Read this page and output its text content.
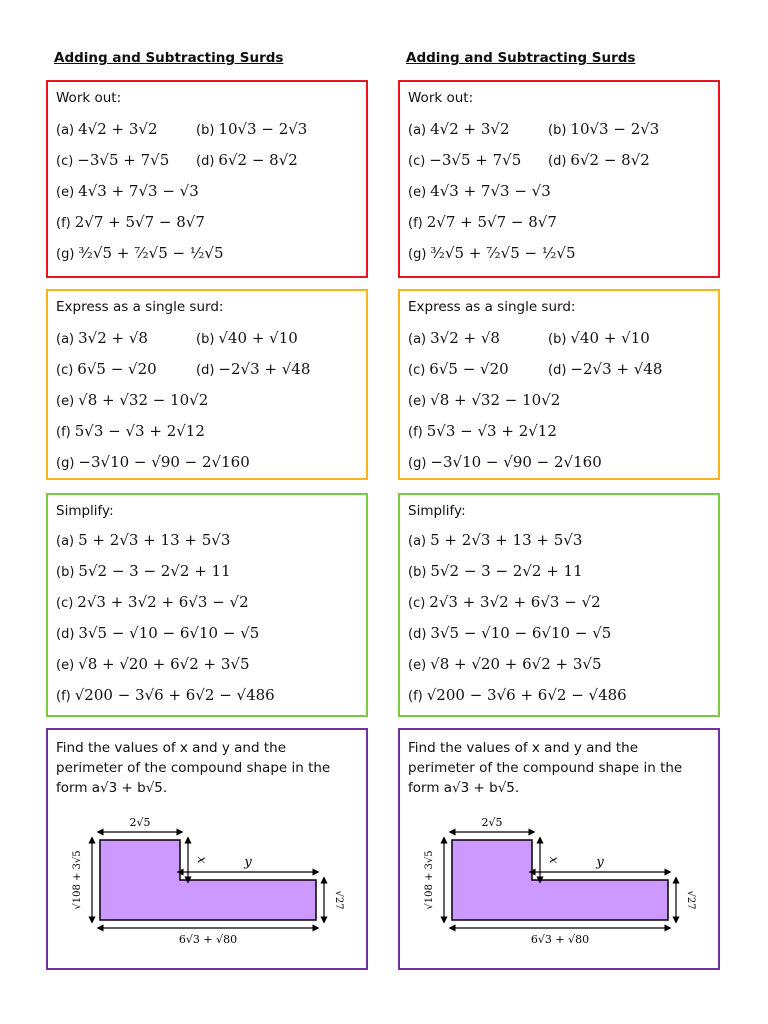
Adding and Subtracting Surds
Work out:
(a) 4√2 + 3√2	(b) 10√3 − 2√3
(c) −3√5 + 7√5 (d) 6√2 − 8√2
(e) 4√3 + 7√3 − √3
(f) 2√7 + 5√7 − 8√7
(g) ³⁄₂√5 + ⁷⁄₂√5 − ½√5
Express as a single surd:
(a) 3√2 + √8	(b) √40 + √10
(c) 6√5 − √20	(d) −2√3 + √48
(e) √8 + √32 − 10√2
(f) 5√3 − √3 + 2√12
(g) −3√10 − √90 − 2√160
Simplify:
(a) 5 + 2√3 + 13 + 5√3
(b) 5√2 − 3 − 2√2 + 11
(c) 2√3 + 3√2 + 6√3 − √2
(d) 3√5 − √10 − 6√10 − √5
(e) √8 + √20 + 6√2 + 3√5
(f) √200 − 3√6 + 6√2 − √486
Find the values of x and y and the perimeter of the compound shape in the form a√3 + b√5.
2√5
√108 + 3√5	x	y
√27
6√3 + √80
Adding and Subtracting Surds
Work out:
(a) 4√2 + 3√2	(b) 10√3 − 2√3
(c) −3√5 + 7√5 (d) 6√2 − 8√2
(e) 4√3 + 7√3 − √3
(f) 2√7 + 5√7 − 8√7
(g) ³⁄₂√5 + ⁷⁄₂√5 − ½√5
Express as a single surd:
(a) 3√2 + √8	(b) √40 + √10
(c) 6√5 − √20	(d) −2√3 + √48
(e) √8 + √32 − 10√2
(f) 5√3 − √3 + 2√12
(g) −3√10 − √90 − 2√160
Simplify:
(a) 5 + 2√3 + 13 + 5√3
(b) 5√2 − 3 − 2√2 + 11
(c) 2√3 + 3√2 + 6√3 − √2
(d) 3√5 − √10 − 6√10 − √5
(e) √8 + √20 + 6√2 + 3√5
(f) √200 − 3√6 + 6√2 − √486
Find the values of x and y and the perimeter of the compound shape in the form a√3 + b√5.
2√5
√108 + 3√5	x	y
√27
6√3 + √80
